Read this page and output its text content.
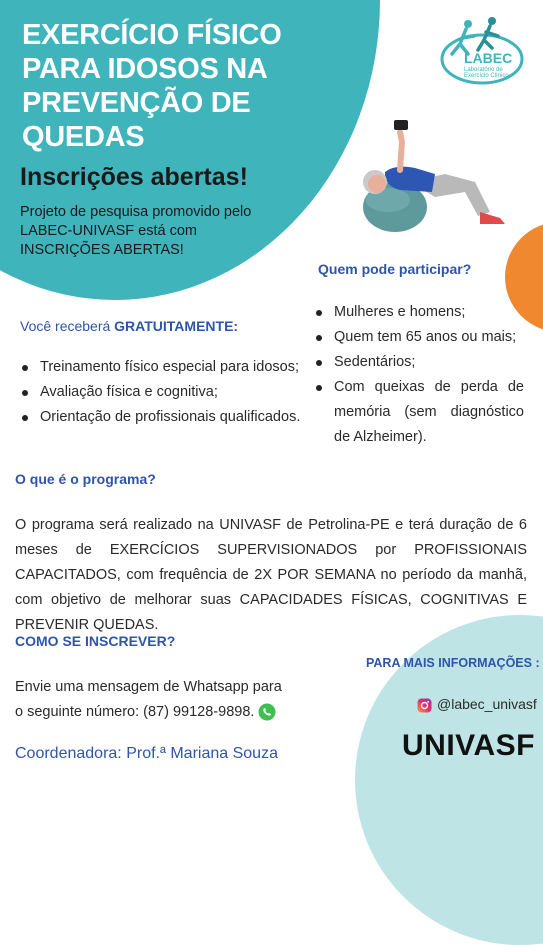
EXERCÍCIO FÍSICO
PARA IDOSOS NA
PREVENÇÃO DE
QUEDAS
Inscrições abertas!
Projeto de pesquisa promovido pelo LABEC-UNIVASF está com INSCRIÇÕES ABERTAS!
LABEC
Laboratório de Exercício Clínico
Quem pode participar?
Mulheres e homens;
Quem tem 65 anos ou mais;
Sedentários;
Com queixas de perda de memória (sem diagnóstico de Alzheimer).
Você receberá GRATUITAMENTE:
Treinamento físico especial para idosos;
Avaliação física e cognitiva;
Orientação de profissionais qualificados.
O que é o programa?
O programa será realizado na UNIVASF de Petrolina-PE e terá duração de 6 meses de EXERCÍCIOS SUPERVISIONADOS por PROFISSIONAIS CAPACITADOS, com frequência de 2X POR SEMANA no período da manhã, com objetivo de melhorar suas CAPACIDADES FÍSICAS, COGNITIVAS E PREVENIR QUEDAS.
COMO SE INSCREVER?
Envie uma mensagem de Whatsapp para o seguinte número: (87) 99128-9898.
Coordenadora: Prof.ª Mariana Souza
PARA MAIS INFORMAÇÕES :
@labec_univasf
UNIVASF
